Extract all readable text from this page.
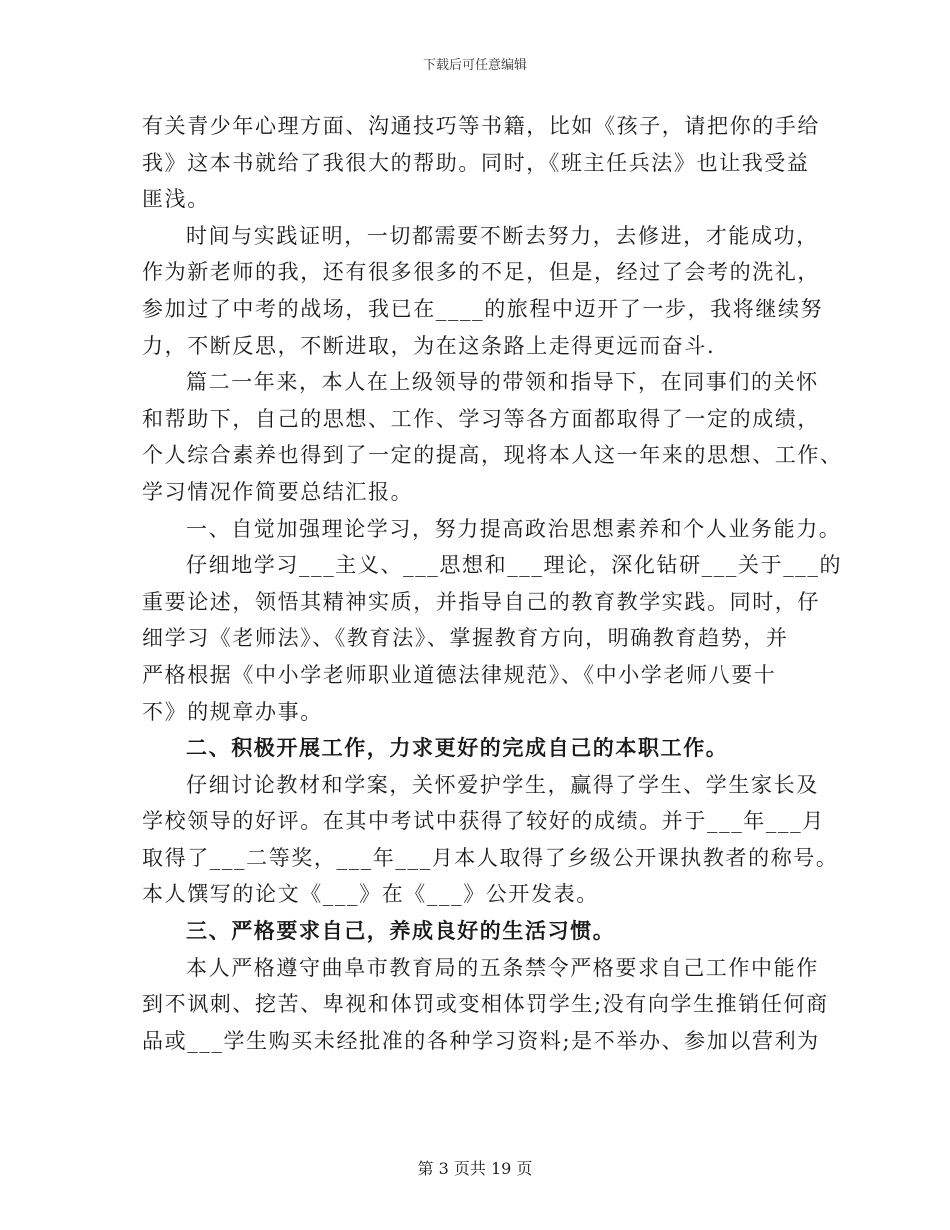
下载后可任意编辑
有关青少年心理方面、沟通技巧等书籍，比如《孩子，请把你的手给
我》这本书就给了我很大的帮助。同时，《班主任兵法》也让我受益
匪浅。
时间与实践证明，一切都需要不断去努力，去修进，才能成功，
作为新老师的我，还有很多很多的不足，但是，经过了会考的洗礼，
参加过了中考的战场，我已在____的旅程中迈开了一步，我将继续努
力，不断反思，不断进取，为在这条路上走得更远而奋斗.
篇二一年来，本人在上级领导的带领和指导下，在同事们的关怀
和帮助下，自己的思想、工作、学习等各方面都取得了一定的成绩，
个人综合素养也得到了一定的提高，现将本人这一年来的思想、工作、
学习情况作简要总结汇报。
一、自觉加强理论学习，努力提高政治思想素养和个人业务能力。
仔细地学习___主义、___思想和___理论，深化钻研___关于___的
重要论述，领悟其精神实质，并指导自己的教育教学实践。同时，仔
细学习《老师法》、《教育法》、掌握教育方向，明确教育趋势，并
严格根据《中小学老师职业道德法律规范》、《中小学老师八要十
不》的规章办事。
二、积极开展工作，力求更好的完成自己的本职工作。
仔细讨论教材和学案，关怀爱护学生，赢得了学生、学生家长及
学校领导的好评。在其中考试中获得了较好的成绩。并于___年___月
取得了___二等奖，___年___月本人取得了乡级公开课执教者的称号。
本人馔写的论文《___》在《___》公开发表。
三、严格要求自己，养成良好的生活习惯。
本人严格遵守曲阜市教育局的五条禁令严格要求自己工作中能作
到不讽刺、挖苦、卑视和体罚或变相体罚学生;没有向学生推销任何商
品或___学生购买未经批准的各种学习资料;是不举办、参加以营利为
第 3 页共 19 页
